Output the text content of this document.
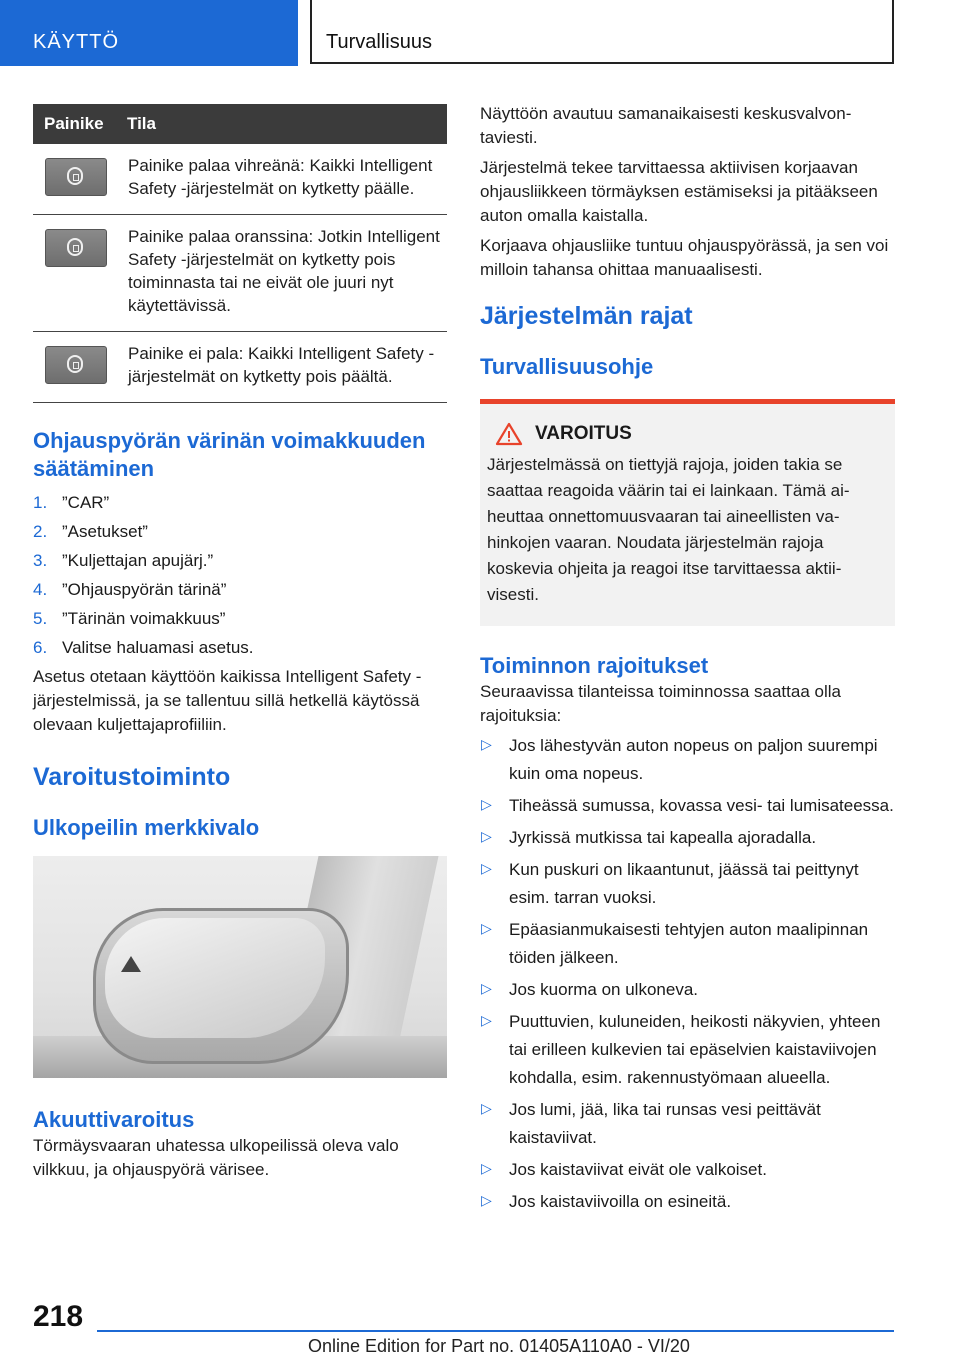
KÄYTTÖ	Turvallisuus
Painike	Tila

	Painike palaa vihreänä: Kaikki Intelligent Safety -järjestelmät on kytketty päälle.

	Painike palaa oranssina: Jotkin Intelligent Safety -järjestelmät on kytketty pois toiminnasta tai ne eivät ole juuri nyt käytettävissä.

	Painike ei pala: Kaikki Intelligent Safety -järjestelmät on kytketty pois päältä.
Ohjauspyörän värinän voimakkuuden säätäminen
1. ”CAR”
2. ”Asetukset”
3. ”Kuljettajan apujärj.”
4. ”Ohjauspyörän tärinä”
5. ”Tärinän voimakkuus”
6. Valitse haluamasi asetus.

Asetus otetaan käyttöön kaikissa Intelligent Safety -järjestelmissä, ja se tallentuu sillä hetkellä käytössä olevaan kuljettajaprofiiliin.

Varoitustoiminto
Ulkopeilin merkkivalo
Akuuttivaroitus

Törmäysvaaran uhatessa ulkopeilissä oleva valo vilkkuu, ja ohjauspyörä värisee.

Näyttöön avautuu samanaikaisesti keskusvalvontaviesti.

Järjestelmä tekee tarvittaessa aktiivisen korjaavan ohjausliikkeen törmäyksen estämiseksi ja pitääkseen auton omalla kaistalla.

Korjaava ohjausliike tuntuu ohjauspyörässä, ja sen voi milloin tahansa ohittaa manuaalisesti.

Järjestelmän rajat
Turvallisuusohje
VAROITUS

Järjestelmässä on tiettyjä rajoja, joiden takia se saattaa reagoida väärin tai ei lainkaan. Tämä aiheuttaa onnettomuusvaaran tai aineellisten vahinkojen vaaran. Noudata järjestelmän rajoja koskevia ohjeita ja reagoi itse tarvittaessa aktiivisesti.

Toiminnon rajoitukset

Seuraavissa tilanteissa toiminnossa saattaa olla rajoituksia:

Jos lähestyvän auton nopeus on paljon suurempi kuin oma nopeus.
Tiheässä sumussa, kovassa vesi- tai lumisateessa.
Jyrkissä mutkissa tai kapealla ajoradalla.
Kun puskuri on likaantunut, jäässä tai peittynyt esim. tarran vuoksi.
Epäasianmukaisesti tehtyjen auton maalipinnan töiden jälkeen.
Jos kuorma on ulkoneva.
Puuttuvien, kuluneiden, heikosti näkyvien, yhteen tai erilleen kulkevien tai epäselvien kaistaviivojen kohdalla, esim. rakennustyömaan alueella.
Jos lumi, jää, lika tai runsas vesi peittävät kaistaviivat.
Jos kaistaviivat eivät ole valkoiset.
Jos kaistaviivoilla on esineitä.
218
Online Edition for Part no. 01405A110A0 - VI/20
